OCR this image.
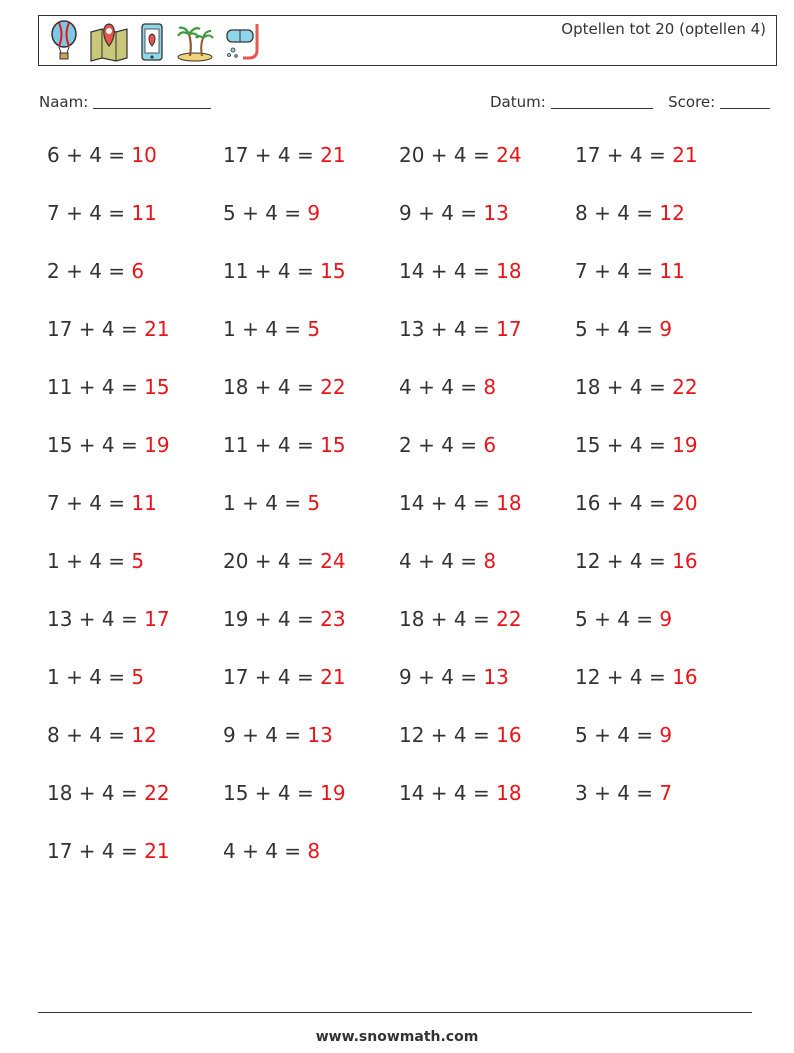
Optellen tot 20 (optellen 4)
Naam:	Datum:	Score:
6 + 4 = 10	17 + 4 = 21	20 + 4 = 24	17 + 4 = 21
7 + 4 = 11	5 + 4 = 9	9 + 4 = 13	8 + 4 = 12
2 + 4 = 6	11 + 4 = 15	14 + 4 = 18	7 + 4 = 11
17 + 4 = 21	1 + 4 = 5	13 + 4 = 17	5 + 4 = 9
11 + 4 = 15	18 + 4 = 22	4 + 4 = 8	18 + 4 = 22
15 + 4 = 19	11 + 4 = 15	2 + 4 = 6	15 + 4 = 19
7 + 4 = 11	1 + 4 = 5	14 + 4 = 18	16 + 4 = 20
1 + 4 = 5	20 + 4 = 24	4 + 4 = 8	12 + 4 = 16
13 + 4 = 17	19 + 4 = 23	18 + 4 = 22	5 + 4 = 9
1 + 4 = 5	17 + 4 = 21	9 + 4 = 13	12 + 4 = 16
8 + 4 = 12	9 + 4 = 13	12 + 4 = 16	5 + 4 = 9
18 + 4 = 22	15 + 4 = 19	14 + 4 = 18	3 + 4 = 7
17 + 4 = 21	4 + 4 = 8
www.snowmath.com
